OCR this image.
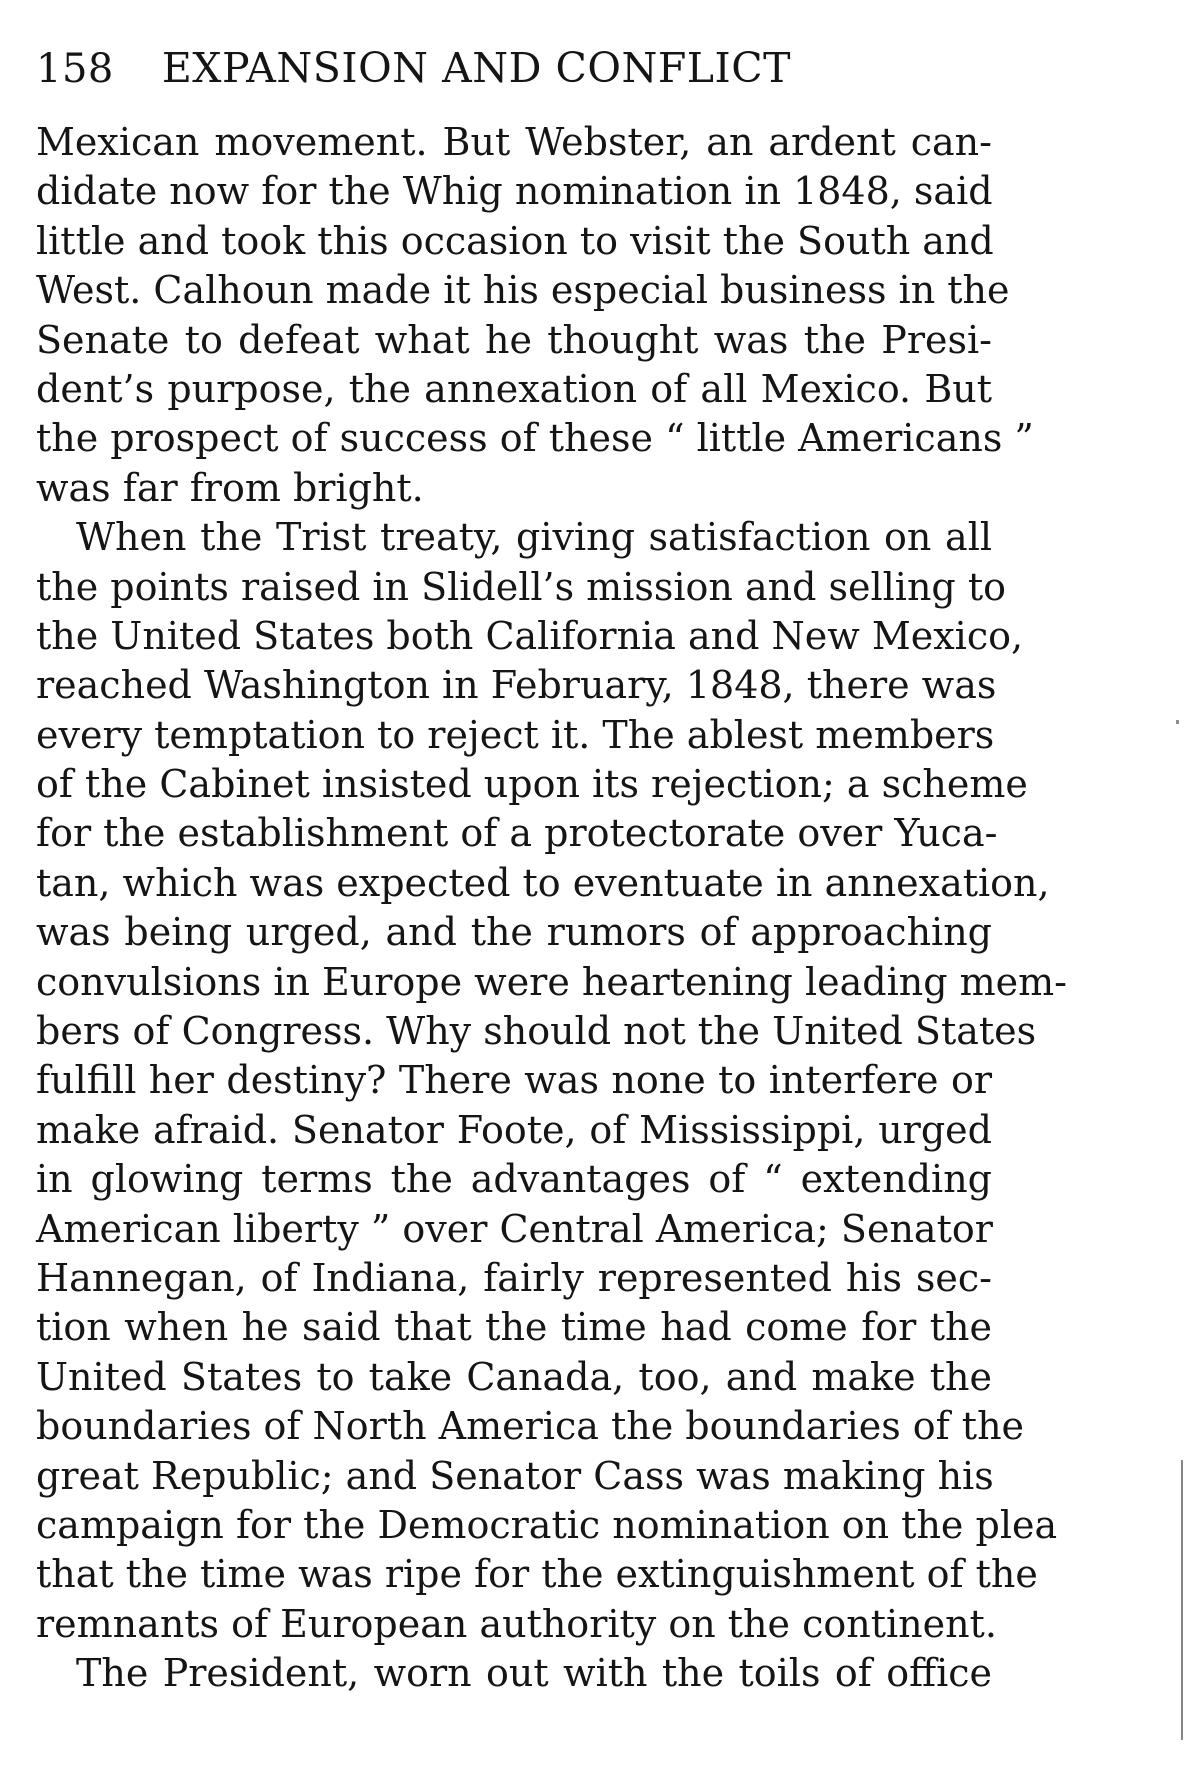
158 EXPANSION AND CONFLICT
Mexican movement. But Webster, an ardent can-
didate now for the Whig nomination in 1848, said
little and took this occasion to visit the South and
West. Calhoun made it his especial business in the
Senate to defeat what he thought was the Presi-
dent’s purpose, the annexation of all Mexico. But
the prospect of success of these “ little Americans ”
was far from bright.
When the Trist treaty, giving satisfaction on all
the points raised in Slidell’s mission and selling to
the United States both California and New Mexico,
reached Washington in February, 1848, there was
every temptation to reject it. The ablest members
of the Cabinet insisted upon its rejection; a scheme
for the establishment of a protectorate over Yuca-
tan, which was expected to eventuate in annexation,
was being urged, and the rumors of approaching
convulsions in Europe were heartening leading mem-
bers of Congress. Why should not the United States
fulfill her destiny? There was none to interfere or
make afraid. Senator Foote, of Mississippi, urged
in glowing terms the advantages of “ extending
American liberty ” over Central America; Senator
Hannegan, of Indiana, fairly represented his sec-
tion when he said that the time had come for the
United States to take Canada, too, and make the
boundaries of North America the boundaries of the
great Republic; and Senator Cass was making his
campaign for the Democratic nomination on the plea
that the time was ripe for the extinguishment of the
remnants of European authority on the continent.
The President, worn out with the toils of office
